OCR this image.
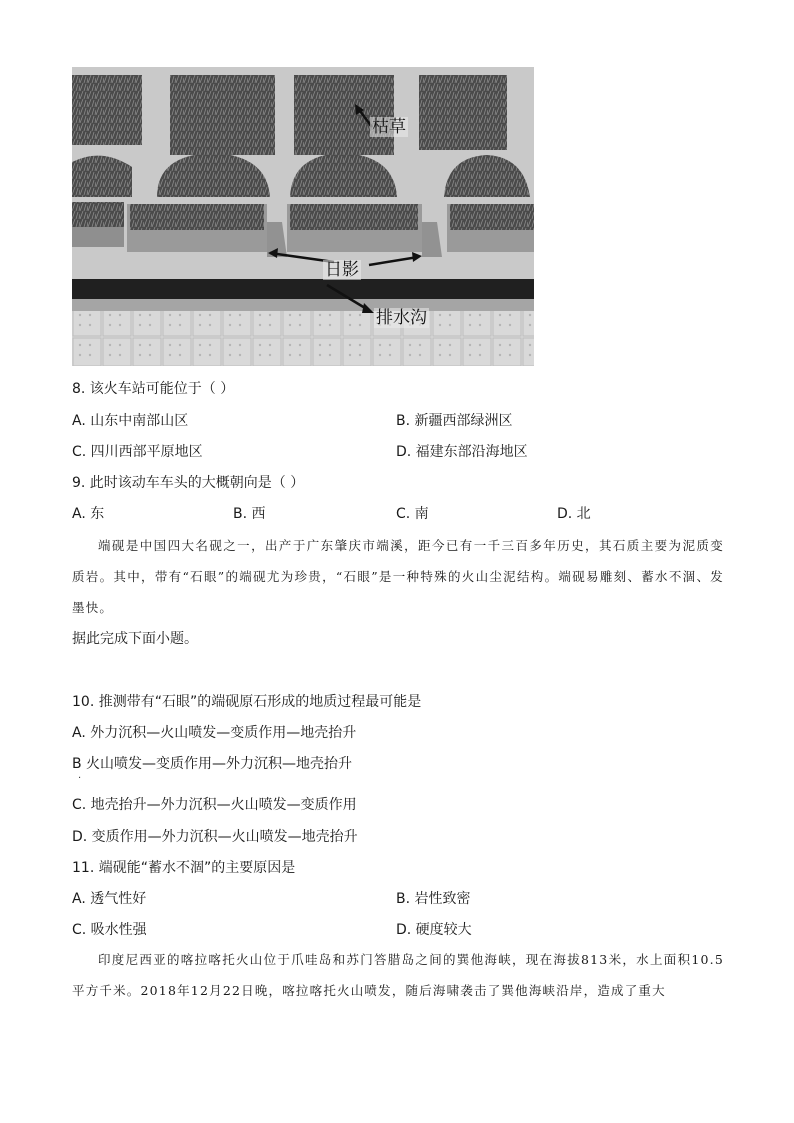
枯草
日影
排水沟
8. 该火车站可能位于（ ）
A. 山东中南部山区	B. 新疆西部绿洲区
C. 四川西部平原地区	D. 福建东部沿海地区
9. 此时该动车车头的大概朝向是（ ）
A. 东	B. 西	C. 南	D. 北
端砚是中国四大名砚之一，出产于广东肇庆市端溪，距今已有一千三百多年历史，其石质主要为泥质变质岩。其中，带有“石眼”的端砚尤为珍贵，“石眼”是一种特殊的火山尘泥结构。端砚易雕刻、蓄水不涸、发墨快。
据此完成下面小题。
10. 推测带有“石眼”的端砚原石形成的地质过程最可能是
A. 外力沉积—火山喷发—变质作用—地壳抬升
B 火山喷发—变质作用—外力沉积—地壳抬升
·
C. 地壳抬升—外力沉积—火山喷发—变质作用
D. 变质作用—外力沉积—火山喷发—地壳抬升
11. 端砚能“蓄水不涸”的主要原因是
A. 透气性好	B. 岩性致密
C. 吸水性强	D. 硬度较大
印度尼西亚的喀拉喀托火山位于爪哇岛和苏门答腊岛之间的巽他海峡，现在海拔813米，水上面积10.5平方千米。2018年12月22日晚，喀拉喀托火山喷发，随后海啸袭击了巽他海峡沿岸，造成了重大
